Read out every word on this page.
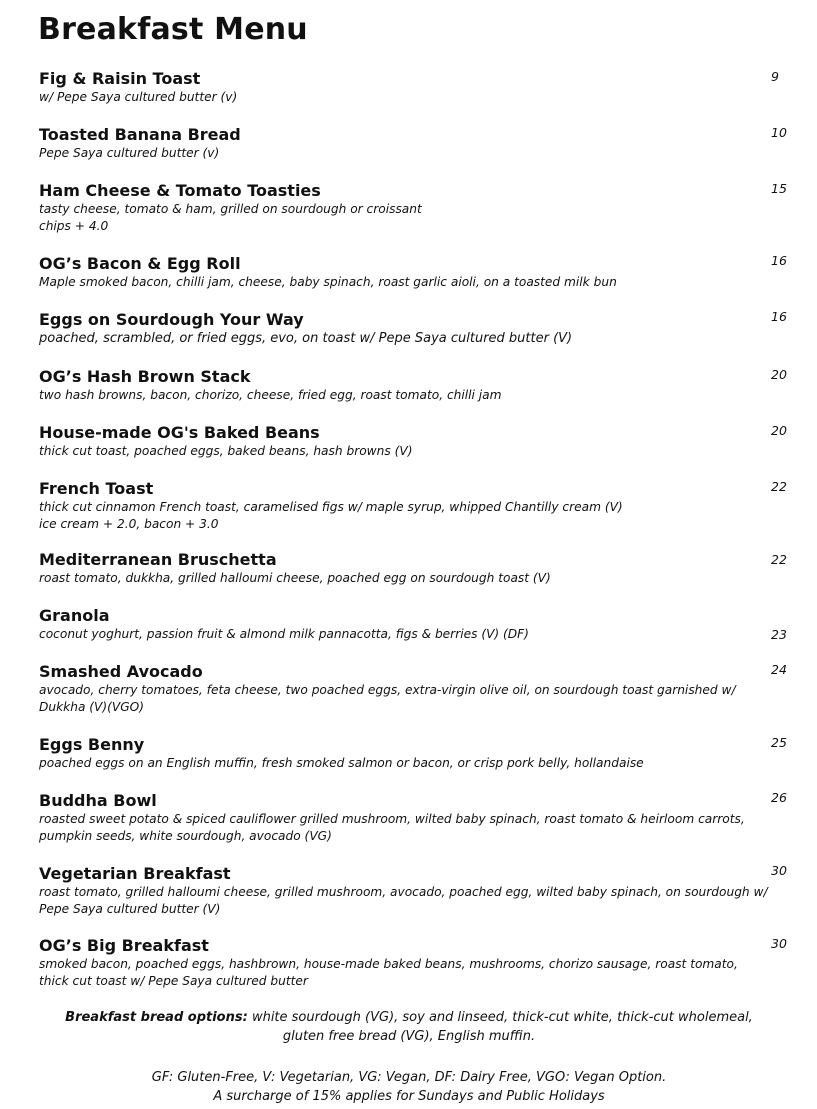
Breakfast Menu
Fig & Raisin Toast
w/ Pepe Saya cultured butter (v)
9
Toasted Banana Bread
Pepe Saya cultured butter (v)
10
Ham Cheese & Tomato Toasties
tasty cheese, tomato & ham, grilled on sourdough or croissant
chips + 4.0
15
OG’s Bacon & Egg Roll
Maple smoked bacon, chilli jam, cheese, baby spinach, roast garlic aioli, on a toasted milk bun
16
Eggs on Sourdough Your Way
poached, scrambled, or fried eggs, evo, on toast w/ Pepe Saya cultured butter (V)
16
OG’s Hash Brown Stack
two hash browns, bacon, chorizo, cheese, fried egg, roast tomato, chilli jam
20
House-made OG's Baked Beans
thick cut toast, poached eggs, baked beans, hash browns (V)
20
French Toast
thick cut cinnamon French toast, caramelised figs w/ maple syrup, whipped Chantilly cream (V)
ice cream + 2.0, bacon + 3.0
22
Mediterranean Bruschetta
roast tomato, dukkha, grilled halloumi cheese, poached egg on sourdough toast (V)
22
Granola
coconut yoghurt, passion fruit & almond milk pannacotta, figs & berries (V) (DF)	23
Smashed Avocado
avocado, cherry tomatoes, feta cheese, two poached eggs, extra-virgin olive oil, on sourdough toast garnished w/
Dukkha (V)(VGO)
24
Eggs Benny
poached eggs on an English muffin, fresh smoked salmon or bacon, or crisp pork belly, hollandaise
25
Buddha Bowl
roasted sweet potato & spiced cauliflower grilled mushroom, wilted baby spinach, roast tomato & heirloom carrots,
pumpkin seeds, white sourdough, avocado (VG)
26
Vegetarian Breakfast
roast tomato, grilled halloumi cheese, grilled mushroom, avocado, poached egg, wilted baby spinach, on sourdough w/
Pepe Saya cultured butter (V)
30
OG’s Big Breakfast
smoked bacon, poached eggs, hashbrown, house-made baked beans, mushrooms, chorizo sausage, roast tomato,
thick cut toast w/ Pepe Saya cultured butter
30
Breakfast bread options: white sourdough (VG), soy and linseed, thick-cut white, thick-cut wholemeal,
gluten free bread (VG), English muffin.
GF: Gluten-Free, V: Vegetarian, VG: Vegan, DF: Dairy Free, VGO: Vegan Option.
A surcharge of 15% applies for Sundays and Public Holidays
